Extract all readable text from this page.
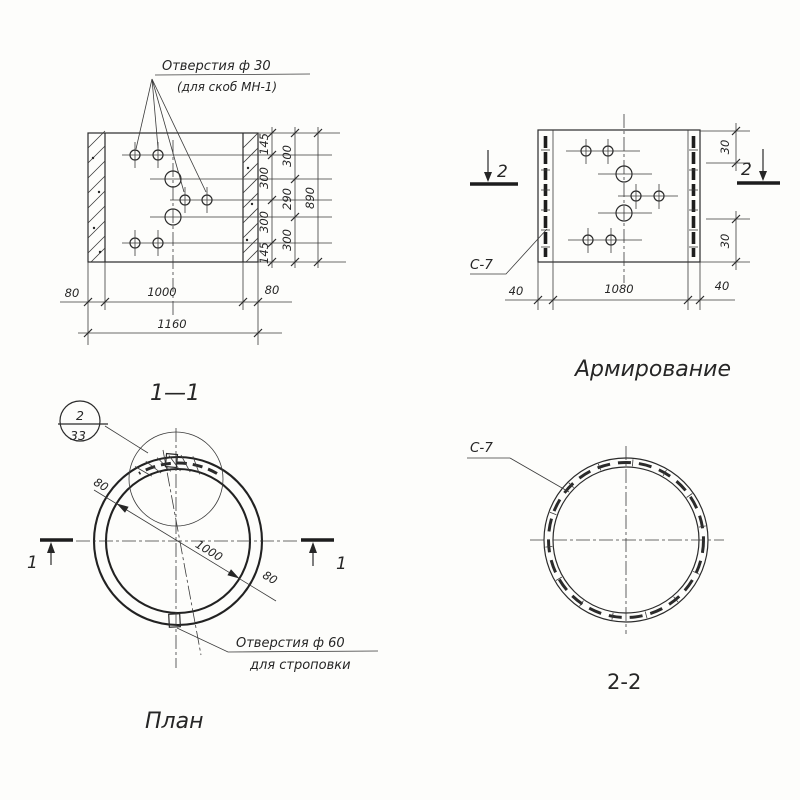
Отверстия ф 30
(для скоб МН-1)
80	1000	80
1160
145
300
300
145
300
290
300
890
1—1
2	2
С-7
40	1080	40
30
30
Армирование
80
1000
80
2
33
1	1
Отверстия ф 60
для строповки
План
С-7
2-2
